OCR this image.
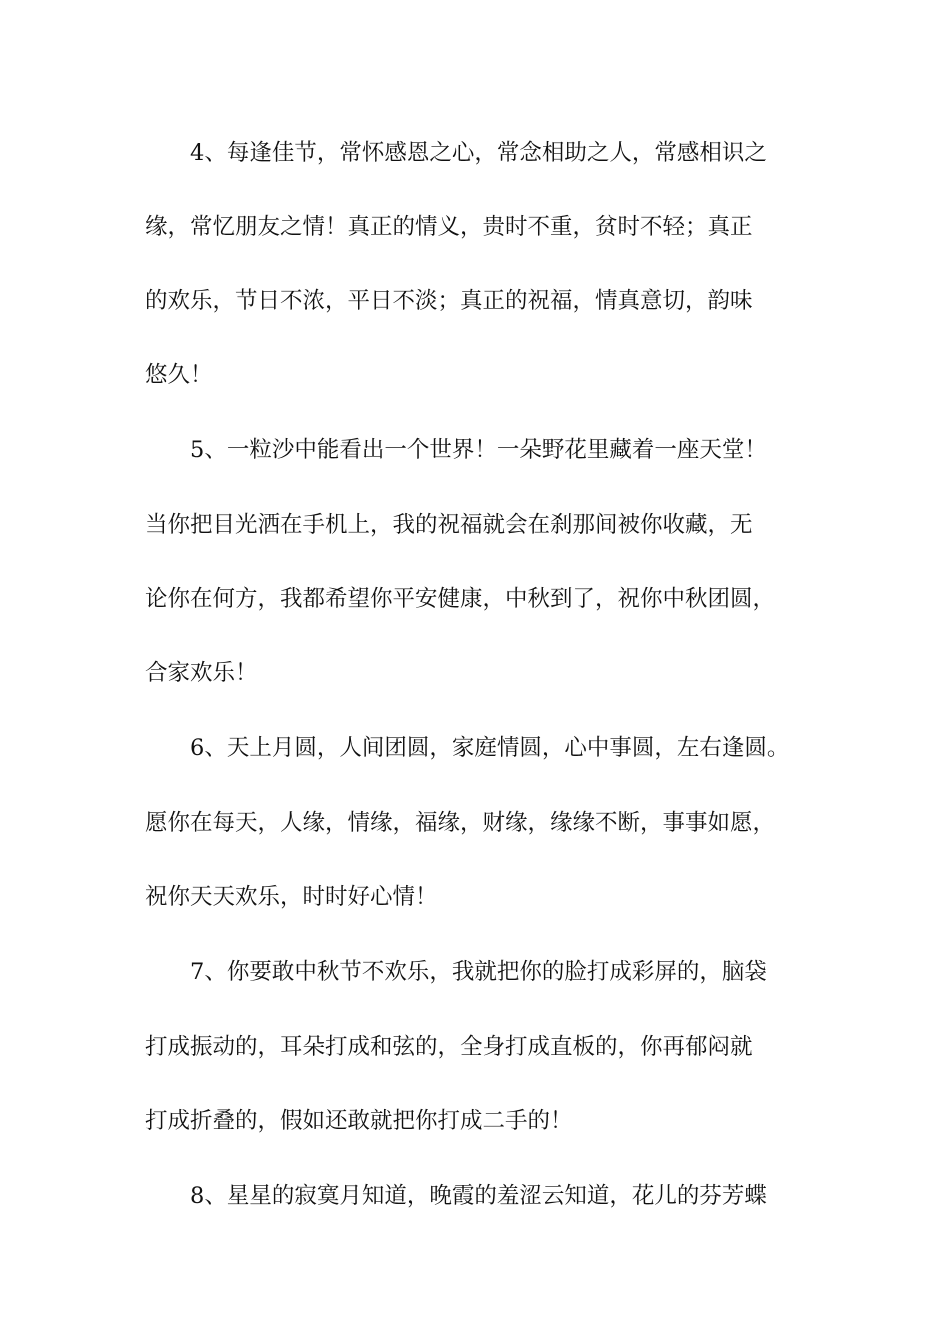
4、每逢佳节，常怀感恩之心，常念相助之人，常感相识之
缘，常忆朋友之情！真正的情义，贵时不重，贫时不轻；真正
的欢乐，节日不浓，平日不淡；真正的祝福，情真意切，韵味
悠久！
5、一粒沙中能看出一个世界！一朵野花里藏着一座天堂！
当你把目光洒在手机上，我的祝福就会在刹那间被你收藏，无
论你在何方，我都希望你平安健康，中秋到了，祝你中秋团圆，
合家欢乐！
6、天上月圆，人间团圆，家庭情圆，心中事圆，左右逢圆。
愿你在每天，人缘，情缘，福缘，财缘，缘缘不断，事事如愿，
祝你天天欢乐，时时好心情！
7、你要敢中秋节不欢乐，我就把你的脸打成彩屏的，脑袋
打成振动的，耳朵打成和弦的，全身打成直板的，你再郁闷就
打成折叠的，假如还敢就把你打成二手的！
8、星星的寂寞月知道，晚霞的羞涩云知道，花儿的芬芳蝶
